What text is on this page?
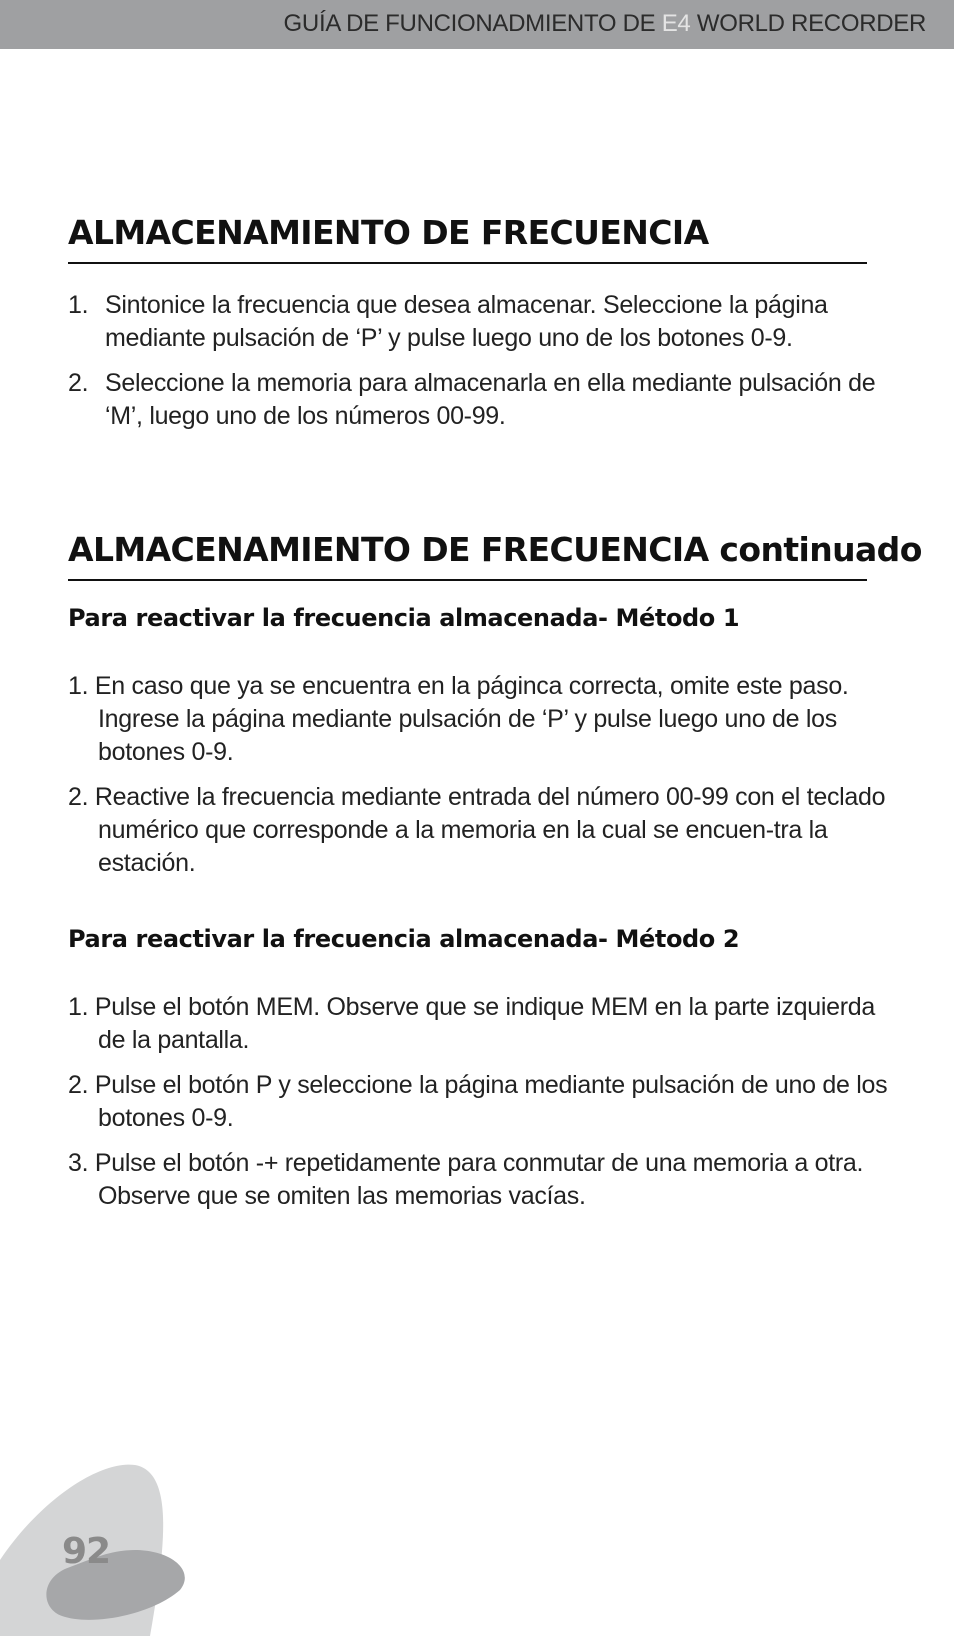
GUÍA DE FUNCIONADMIENTO DE E4 WORLD RECORDER
ALMACENAMIENTO DE FRECUENCIA
1. Sintonice la frecuencia que desea almacenar. Seleccione la página mediante pulsación de ‘P’ y pulse luego uno de los botones 0-9.
2. Seleccione la memoria para almacenarla en ella mediante pulsación de ‘M’, luego uno de los números 00-99.
ALMACENAMIENTO DE FRECUENCIA continuado
Para reactivar la frecuencia almacenada- Método 1
1. En caso que ya se encuentra en la páginca correcta, omite este paso. Ingrese la página mediante pulsación de ‘P’ y pulse luego uno de los botones 0-9.
2. Reactive la frecuencia mediante entrada del número 00-99 con el teclado numérico que corresponde a la memoria en la cual se encuen-tra la estación.
Para reactivar la frecuencia almacenada- Método 2
1. Pulse el botón MEM. Observe que se indique MEM en la parte izquierda de la pantalla.
2. Pulse el botón P y seleccione la página mediante pulsación de uno de los botones 0-9.
3. Pulse el botón -+ repetidamente para conmutar de una memoria a otra. Observe que se omiten las memorias vacías.
92
